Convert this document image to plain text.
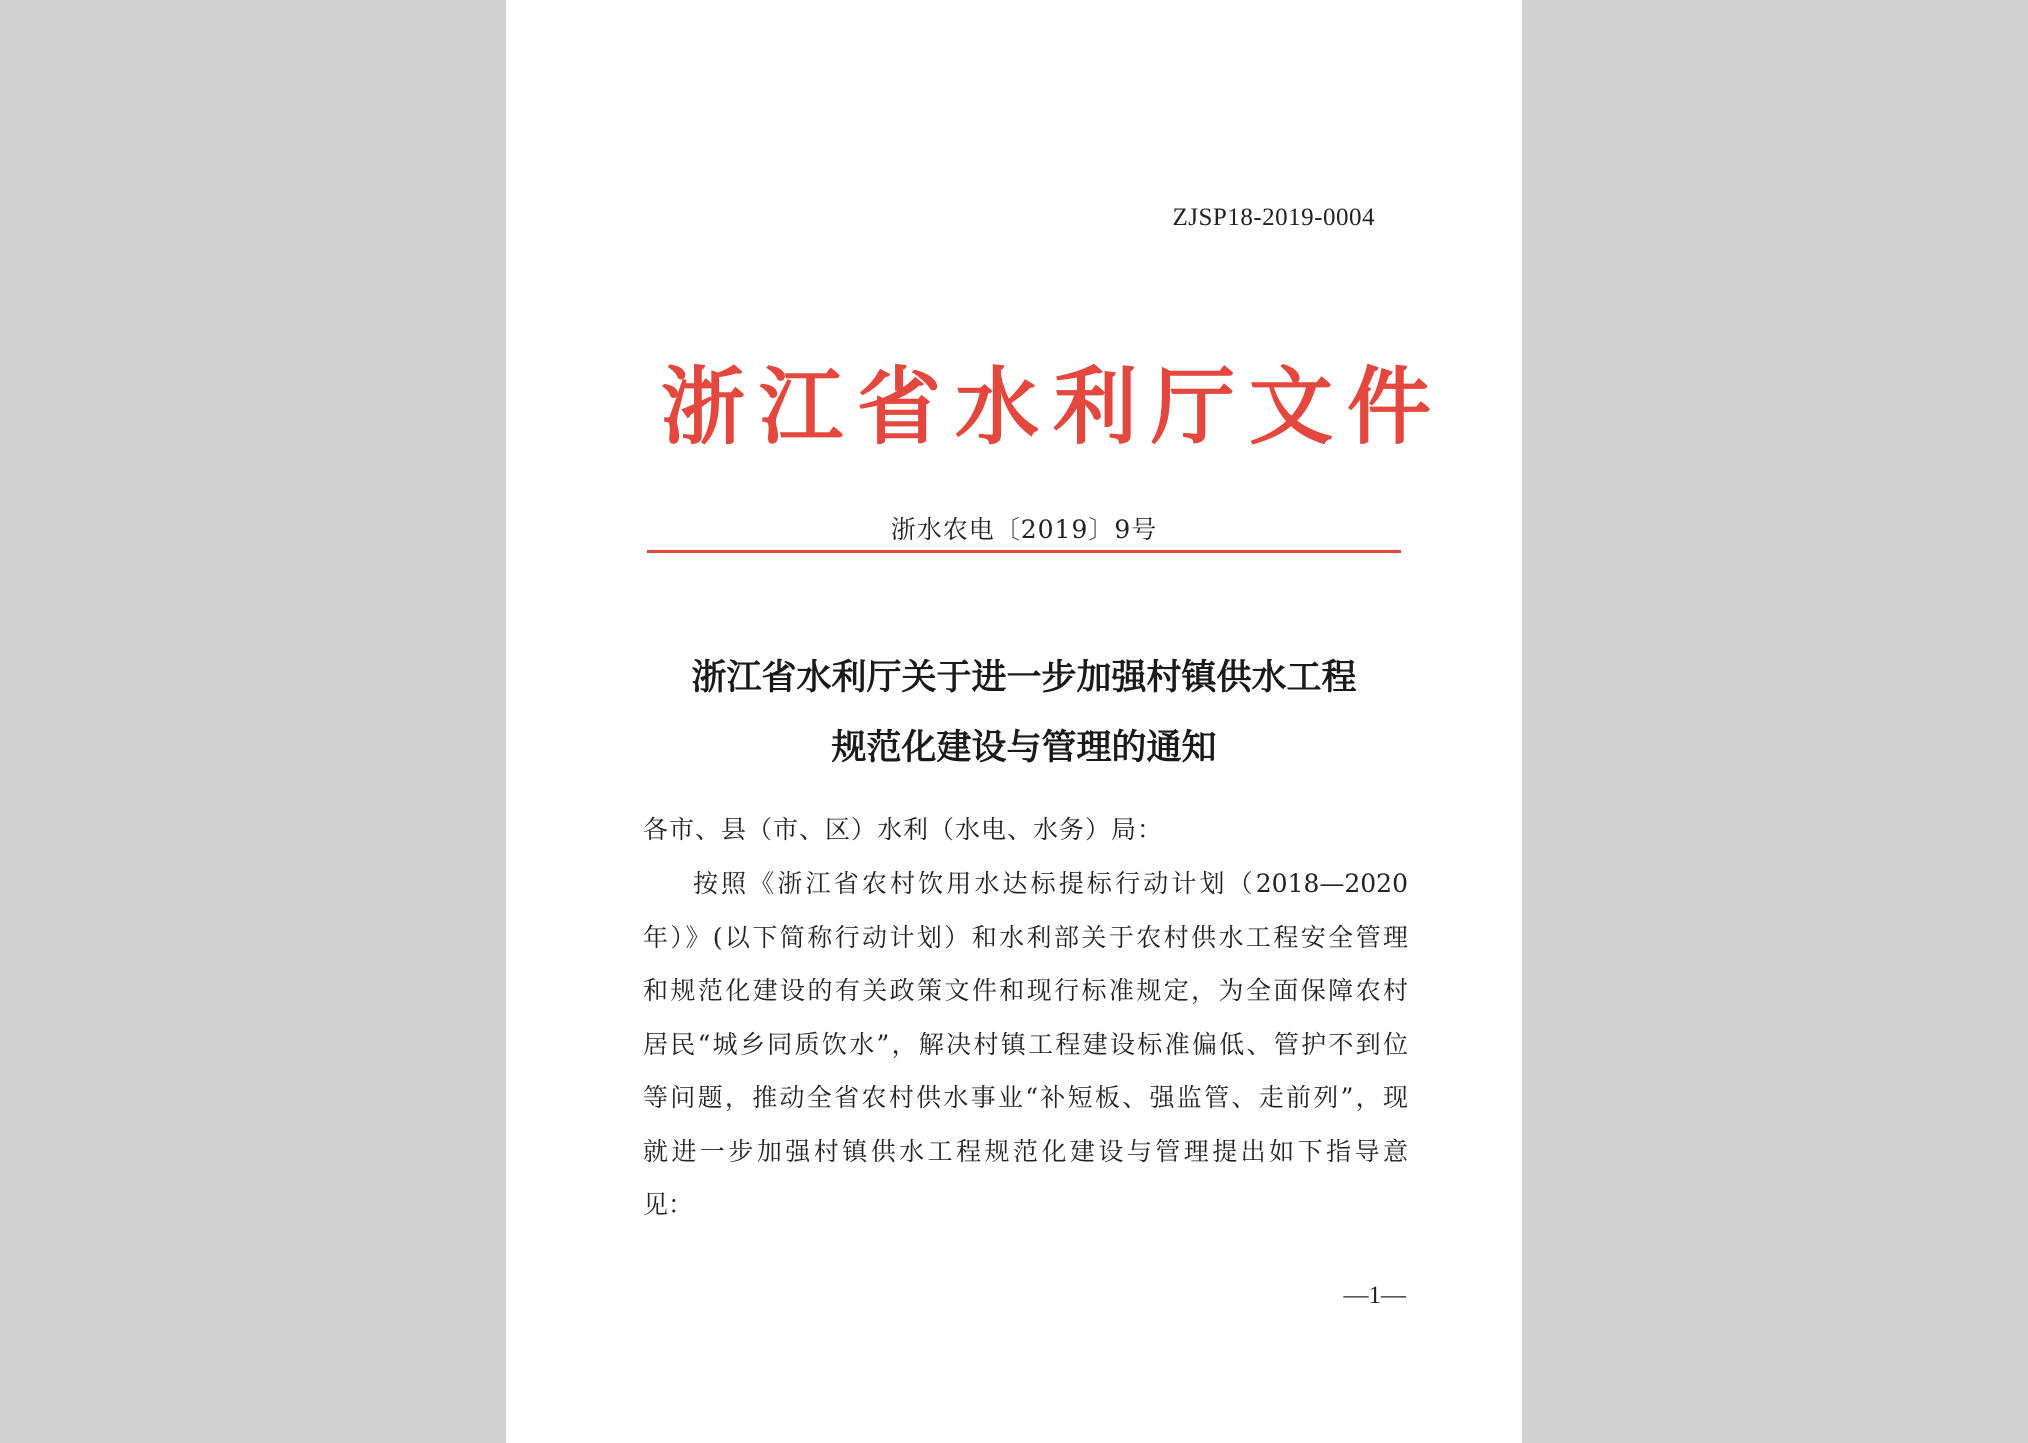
ZJSP18-2019-0004
浙江省水利厅文件
浙水农电〔2019〕9号
浙江省水利厅关于进一步加强村镇供水工程
规范化建设与管理的通知
各市、县（市、区）水利（水电、水务）局：
按照《浙江省农村饮用水达标提标行动计划（2018—2020
年）》(以下简称行动计划）和水利部关于农村供水工程安全管理
和规范化建设的有关政策文件和现行标准规定，为全面保障农村
居民“城乡同质饮水”，解决村镇工程建设标准偏低、管护不到位
等问题，推动全省农村供水事业“补短板、强监管、走前列”，现
就进一步加强村镇供水工程规范化建设与管理提出如下指导意
见：
—1—
